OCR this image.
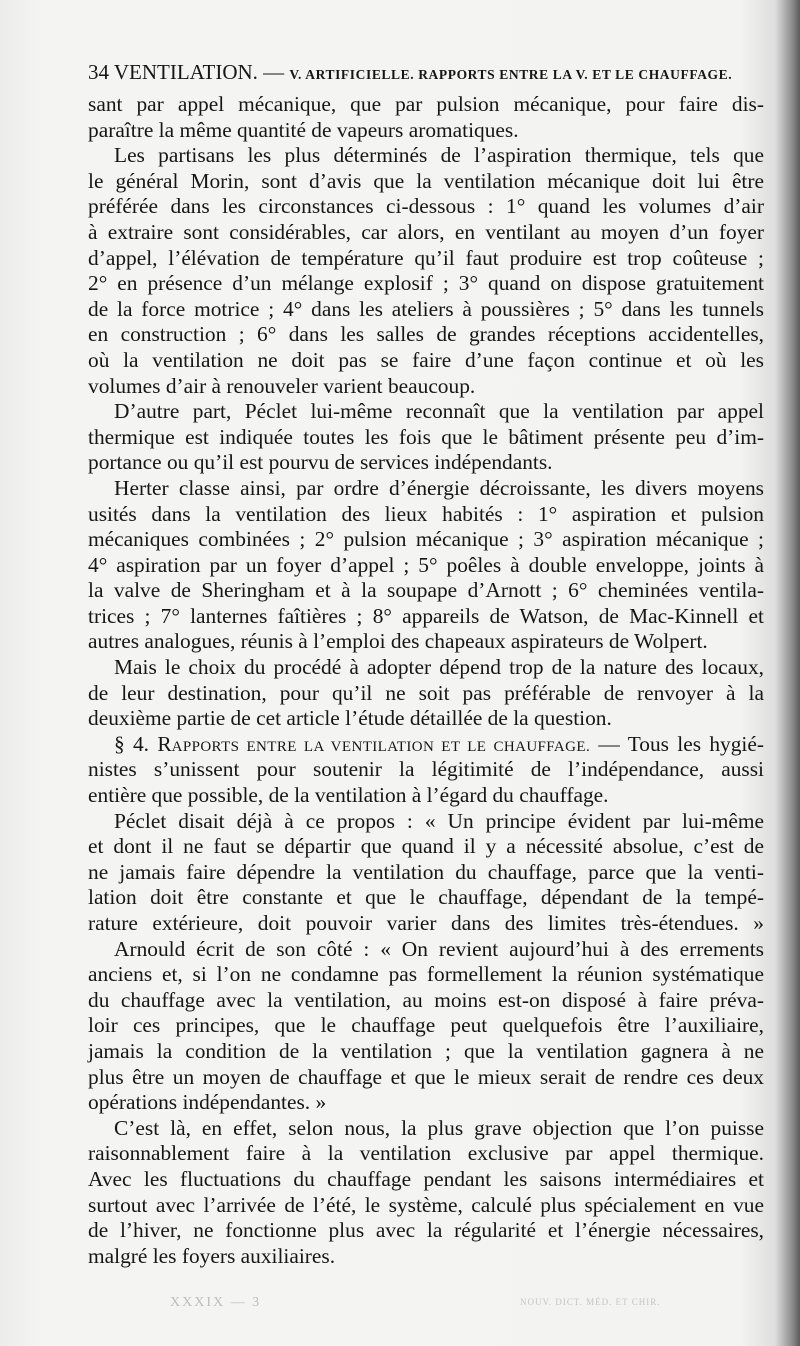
34 VENTILATION. — V. ARTIFICIELLE. RAPPORTS ENTRE LA V. ET LE CHAUFFAGE.
sant par appel mécanique, que par pulsion mécanique, pour faire dis-
paraître la même quantité de vapeurs aromatiques.
Les partisans les plus déterminés de l’aspiration thermique, tels que
le général Morin, sont d’avis que la ventilation mécanique doit lui être
préférée dans les circonstances ci-dessous : 1° quand les volumes d’air
à extraire sont considérables, car alors, en ventilant au moyen d’un foyer
d’appel, l’élévation de température qu’il faut produire est trop coûteuse ;
2° en présence d’un mélange explosif ; 3° quand on dispose gratuitement
de la force motrice ; 4° dans les ateliers à poussières ; 5° dans les tunnels
en construction ; 6° dans les salles de grandes réceptions accidentelles,
où la ventilation ne doit pas se faire d’une façon continue et où les
volumes d’air à renouveler varient beaucoup.
D’autre part, Péclet lui-même reconnaît que la ventilation par appel
thermique est indiquée toutes les fois que le bâtiment présente peu d’im-
portance ou qu’il est pourvu de services indépendants.
Herter classe ainsi, par ordre d’énergie décroissante, les divers moyens
usités dans la ventilation des lieux habités : 1° aspiration et pulsion
mécaniques combinées ; 2° pulsion mécanique ; 3° aspiration mécanique ;
4° aspiration par un foyer d’appel ; 5° poêles à double enveloppe, joints à
la valve de Sheringham et à la soupape d’Arnott ; 6° cheminées ventila-
trices ; 7° lanternes faîtières ; 8° appareils de Watson, de Mac-Kinnell et
autres analogues, réunis à l’emploi des chapeaux aspirateurs de Wolpert.
Mais le choix du procédé à adopter dépend trop de la nature des locaux,
de leur destination, pour qu’il ne soit pas préférable de renvoyer à la
deuxième partie de cet article l’étude détaillée de la question.
§ 4. RAPPORTS ENTRE LA VENTILATION ET LE CHAUFFAGE. — Tous les hygié-
nistes s’unissent pour soutenir la légitimité de l’indépendance, aussi
entière que possible, de la ventilation à l’égard du chauffage.
Péclet disait déjà à ce propos : « Un principe évident par lui-même
et dont il ne faut se départir que quand il y a nécessité absolue, c’est de
ne jamais faire dépendre la ventilation du chauffage, parce que la venti-
lation doit être constante et que le chauffage, dépendant de la tempé-
rature extérieure, doit pouvoir varier dans des limites très-étendues. »
Arnould écrit de son côté : « On revient aujourd’hui à des errements
anciens et, si l’on ne condamne pas formellement la réunion systématique
du chauffage avec la ventilation, au moins est-on disposé à faire préva-
loir ces principes, que le chauffage peut quelquefois être l’auxiliaire,
jamais la condition de la ventilation ; que la ventilation gagnera à ne
plus être un moyen de chauffage et que le mieux serait de rendre ces deux
opérations indépendantes. »
C’est là, en effet, selon nous, la plus grave objection que l’on puisse
raisonnablement faire à la ventilation exclusive par appel thermique.
Avec les fluctuations du chauffage pendant les saisons intermédiaires et
surtout avec l’arrivée de l’été, le système, calculé plus spécialement en vue
de l’hiver, ne fonctionne plus avec la régularité et l’énergie nécessaires,
malgré les foyers auxiliaires.
XXXIX — 3	NOUV. DICT. MÉD. ET CHIR.
